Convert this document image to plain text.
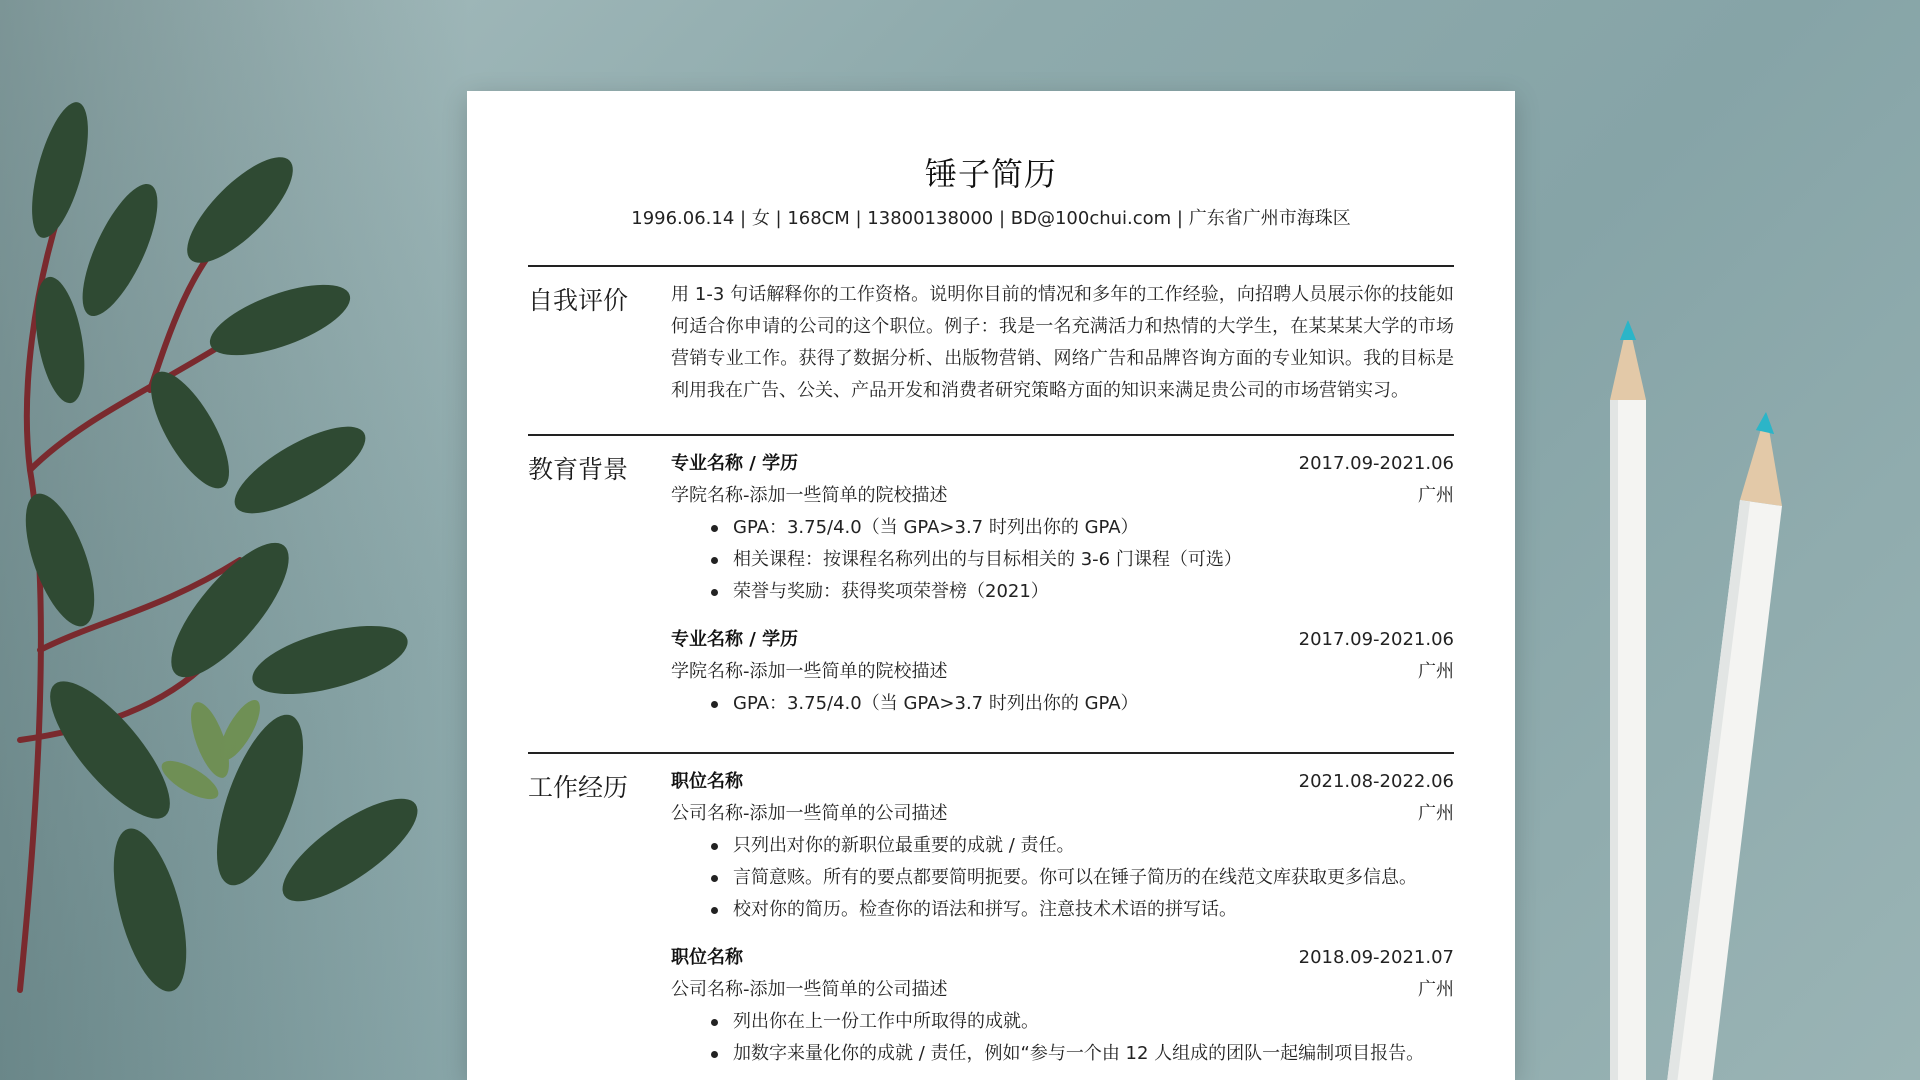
锤子简历
1996.06.14 | 女 | 168CM | 13800138000 | BD@100chui.com | 广东省广州市海珠区
自我评价 用 1-3 句话解释你的工作资格。说明你目前的情况和多年的工作经验，向招聘人员展示你的技能如何适合你申请的公司的这个职位。例子：我是一名充满活力和热情的大学生，在某某某大学的市场营销专业工作。获得了数据分析、出版物营销、网络广告和品牌咨询方面的专业知识。我的目标是利用我在广告、公关、产品开发和消费者研究策略方面的知识来满足贵公司的市场营销实习。
教育背景 专业名称 / 学历	2017.09-2021.06
学院名称-添加一些简单的院校描述	广州
GPA：3.75/4.0（当 GPA>3.7 时列出你的 GPA）
相关课程：按课程名称列出的与目标相关的 3-6 门课程（可选）
荣誉与奖励：获得奖项荣誉榜（2021）
专业名称 / 学历	2017.09-2021.06
学院名称-添加一些简单的院校描述	广州
GPA：3.75/4.0（当 GPA>3.7 时列出你的 GPA）
工作经历 职位名称	2021.08-2022.06
公司名称-添加一些简单的公司描述	广州
只列出对你的新职位最重要的成就 / 责任。
言简意赅。所有的要点都要简明扼要。你可以在锤子简历的在线范文库获取更多信息。
校对你的简历。检查你的语法和拼写。注意技术术语的拼写话。
职位名称	2018.09-2021.07
公司名称-添加一些简单的公司描述	广州
列出你在上一份工作中所取得的成就。
加数字来量化你的成就 / 责任，例如“参与一个由 12 人组成的团队一起编制项目报告。
